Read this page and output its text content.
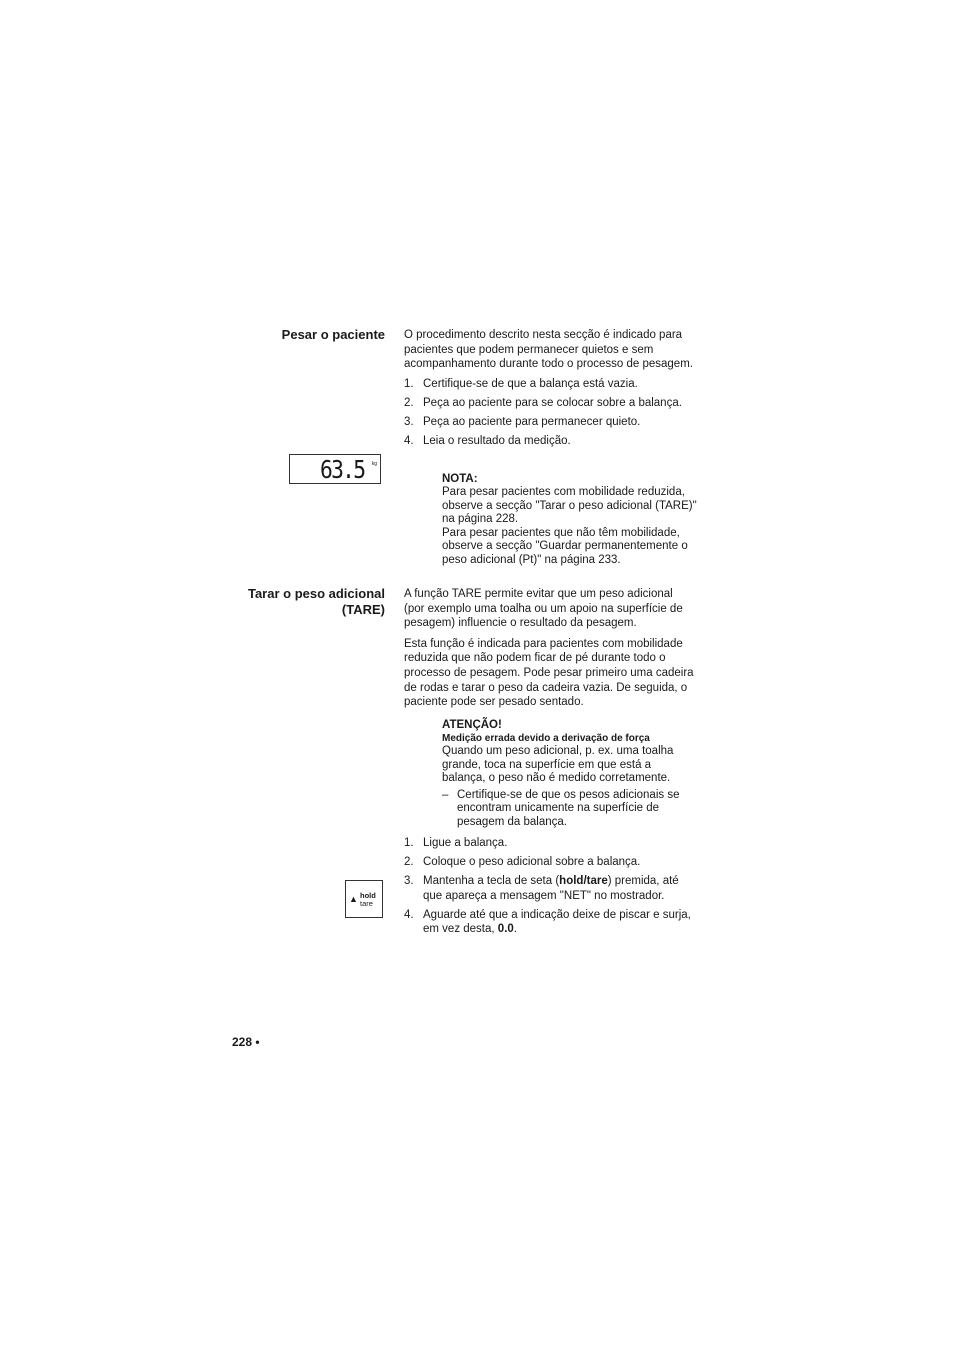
Pesar o paciente O procedimento descrito nesta secção é indicado para pacientes que podem permanecer quietos e sem acompanhamento durante todo o processo de pesagem.

1. Certifique-se de que a balança está vazia.
2. Peça ao paciente para se colocar sobre a balança.
3. Peça ao paciente para permanecer quieto.
4. Leia o resultado da medição.
63.5 kg
NOTA:

Para pesar pacientes com mobilidade reduzida, observe a secção "Tarar o peso adicional (TARE)" na página 228.

Para pesar pacientes que não têm mobilidade, observe a secção "Guardar permanentemente o peso adicional (Pt)" na página 233.

Tarar o peso adicional
(TARE)

A função TARE permite evitar que um peso adicional (por exemplo uma toalha ou um apoio na superfície de pesagem) influencie o resultado da pesagem.

Esta função é indicada para pacientes com mobilidade reduzida que não podem ficar de pé durante todo o processo de pesagem. Pode pesar primeiro uma cadeira de rodas e tarar o peso da cadeira vazia. De seguida, o paciente pode ser pesado sentado.

ATENÇÃO!
Medição errada devido a derivação de força

Quando um peso adicional, p. ex. uma toalha grande, toca na superfície em que está a balança, o peso não é medido corretamente.

– Certifique-se de que os pesos adicionais se encontram unicamente na superfície de pesagem da balança.
1. Ligue a balança.
2. Coloque o peso adicional sobre a balança.
3. Mantenha a tecla de seta (hold/tare) premida, até que apareça a mensagem "NET" no mostrador.
4. Aguarde até que a indicação deixe de piscar e surja, em vez desta, 0.0.
▲ hold
tare
228 •
